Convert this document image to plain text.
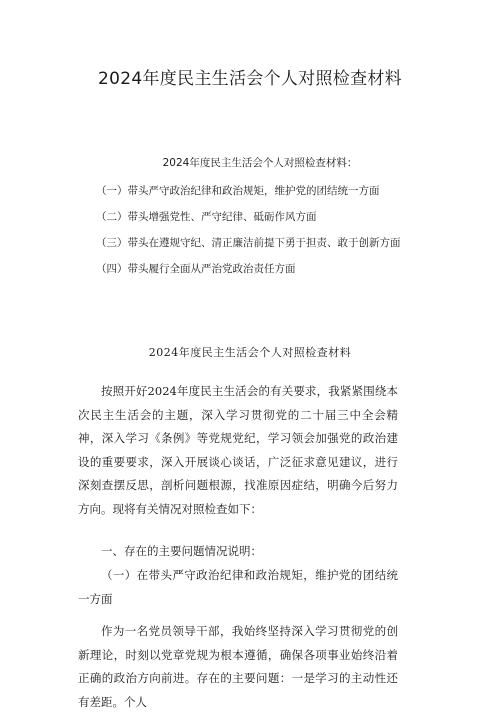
2024年度民主生活会个人对照检查材料
2024年度民主生活会个人对照检查材料：
（一）带头严守政治纪律和政治规矩，维护党的团结统一方面
（二）带头增强党性、严守纪律、砥砺作风方面
（三）带头在遵规守纪、清正廉洁前提下勇于担责、敢于创新方面
（四）带头履行全面从严治党政治责任方面
2024年度民主生活会个人对照检查材料
按照开好2024年度民主生活会的有关要求，我紧紧围绕本次民主生活会的主题，深入学习贯彻党的二十届三中全会精神，深入学习《条例》等党规党纪，学习领会加强党的政治建设的重要要求，深入开展谈心谈话，广泛征求意见建议，进行深刻查摆反思，剖析问题根源，找准原因症结，明确今后努力方向。现将有关情况对照检查如下：
一、存在的主要问题情况说明：
（一）在带头严守政治纪律和政治规矩，维护党的团结统一方面
作为一名党员领导干部，我始终坚持深入学习贯彻党的创新理论，时刻以党章党规为根本遵循，确保各项事业始终沿着正确的政治方向前进。存在的主要问题：一是学习的主动性还有差距。个人
